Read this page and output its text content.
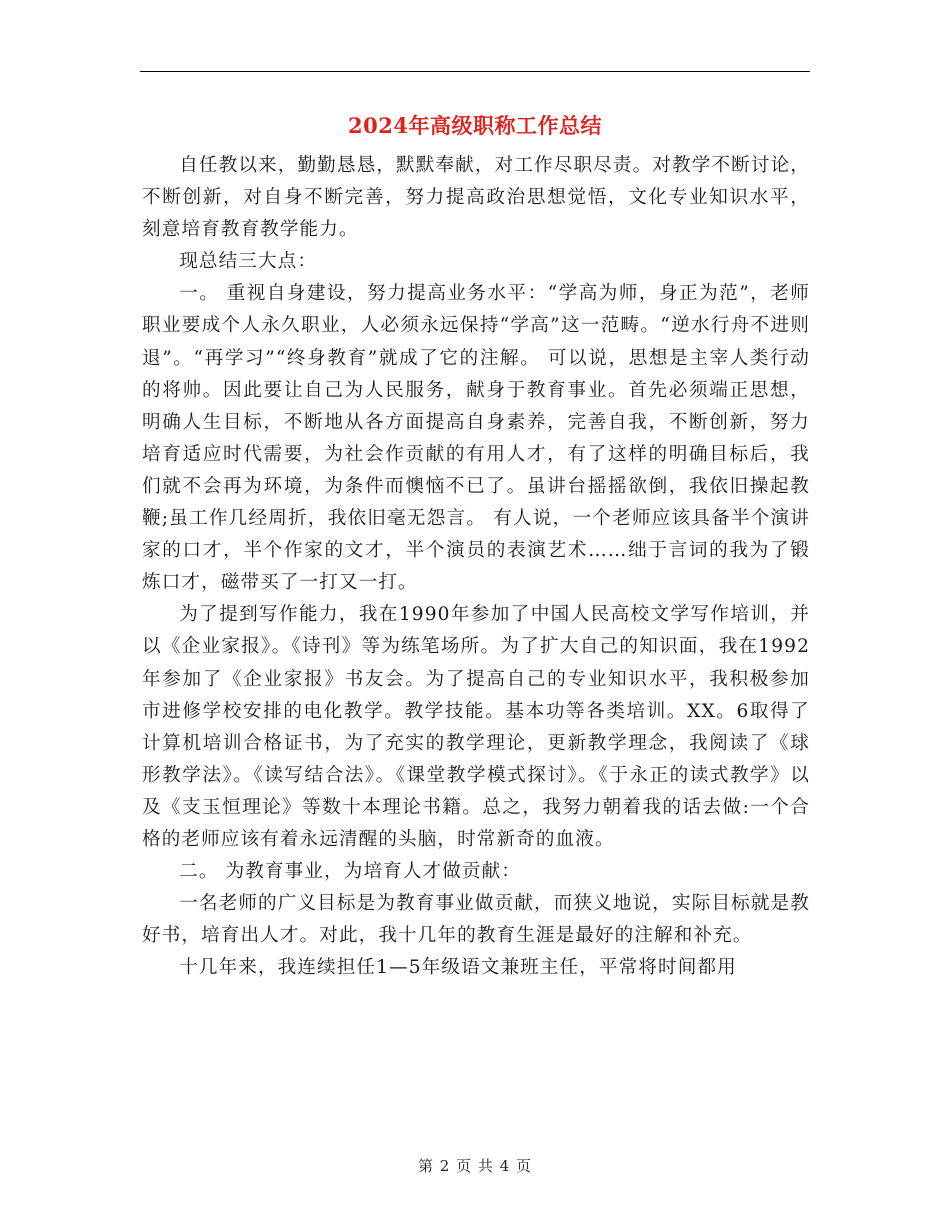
2024年高级职称工作总结

自任教以来，勤勤恳恳，默默奉献，对工作尽职尽责。对教学不断讨论，不断创新，对自身不断完善，努力提高政治思想觉悟，文化专业知识水平，刻意培育教育教学能力。

现总结三大点：

一。 重视自身建设，努力提高业务水平：“学高为师，身正为范”，老师职业要成个人永久职业，人必须永远保持“学高”这一范畴。“逆水行舟不进则退”。“再学习”“终身教育”就成了它的注解。 可以说，思想是主宰人类行动的将帅。因此要让自己为人民服务，献身于教育事业。首先必须端正思想，明确人生目标，不断地从各方面提高自身素养，完善自我，不断创新，努力培育适应时代需要，为社会作贡献的有用人才，有了这样的明确目标后，我们就不会再为环境，为条件而懊恼不已了。虽讲台摇摇欲倒，我依旧操起教鞭;虽工作几经周折，我依旧毫无怨言。 有人说，一个老师应该具备半个演讲家的口才，半个作家的文才，半个演员的表演艺术……绌于言词的我为了锻炼口才，磁带买了一打又一打。

为了提到写作能力，我在1990年参加了中国人民高校文学写作培训，并以《企业家报》。《诗刊》等为练笔场所。为了扩大自己的知识面，我在1992年参加了《企业家报》书友会。为了提高自己的专业知识水平，我积极参加市进修学校安排的电化教学。教学技能。基本功等各类培训。XX。6取得了计算机培训合格证书，为了充实的教学理论，更新教学理念，我阅读了《球形教学法》。《读写结合法》。《课堂教学模式探讨》。《于永正的读式教学》以及《支玉恒理论》等数十本理论书籍。总之，我努力朝着我的话去做:一个合格的老师应该有着永远清醒的头脑，时常新奇的血液。

二。 为教育事业，为培育人才做贡献：

一名老师的广义目标是为教育事业做贡献，而狭义地说，实际目标就是教好书，培育出人才。对此，我十几年的教育生涯是最好的注解和补充。

十几年来，我连续担任1—5年级语文兼班主任，平常将时间都用

第 2 页 共 4 页
